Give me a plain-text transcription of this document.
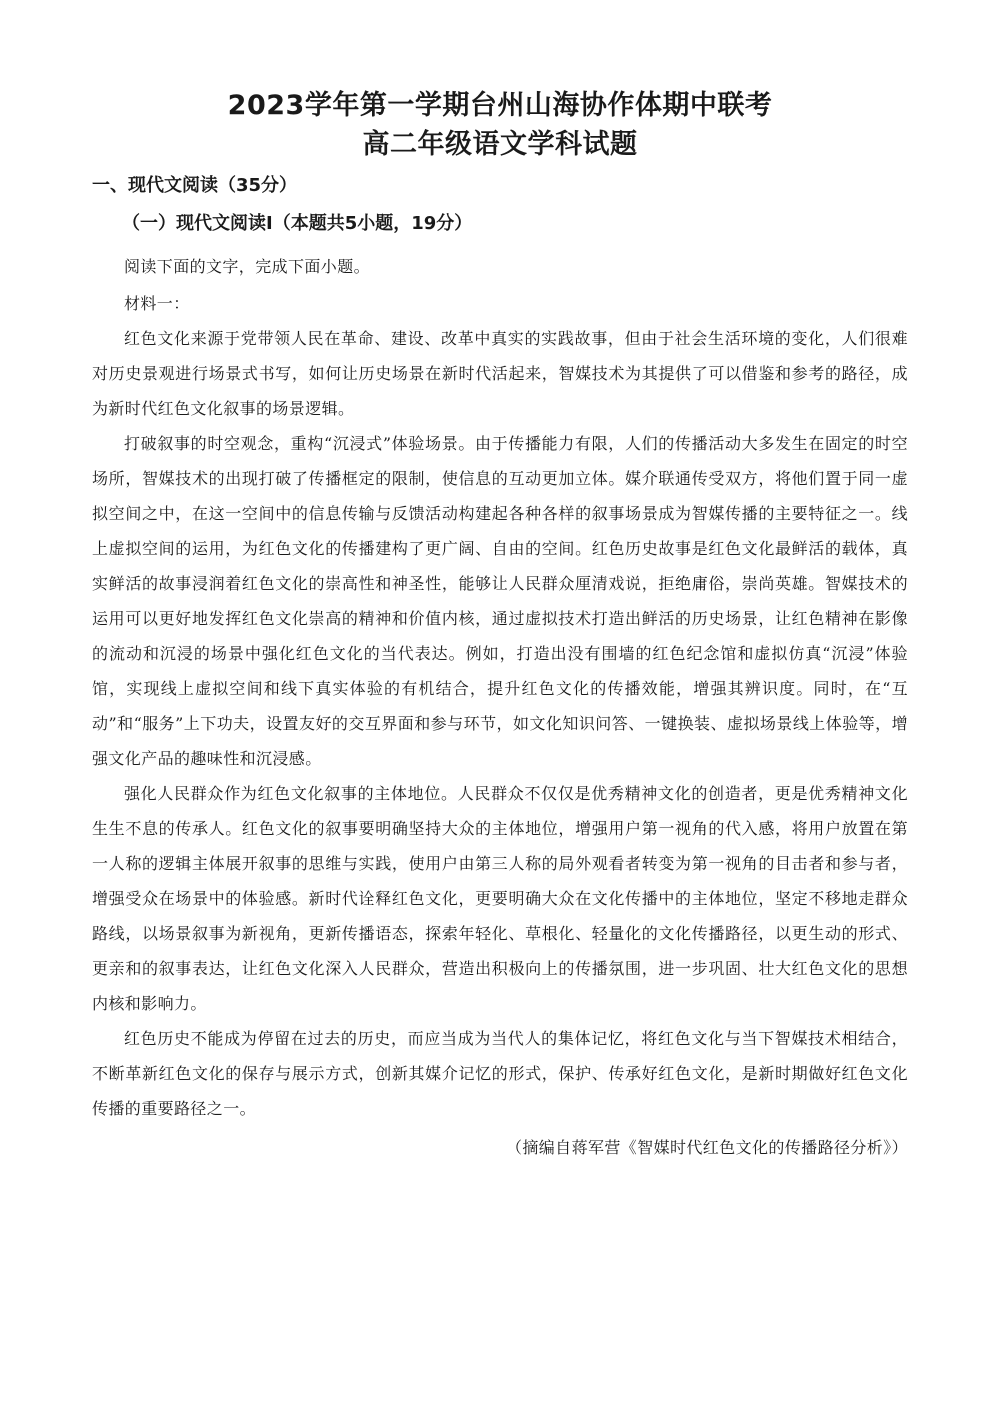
2023学年第一学期台州山海协作体期中联考
高二年级语文学科试题
一、现代文阅读（35分）
（一）现代文阅读Ⅰ（本题共5小题，19分）

阅读下面的文字，完成下面小题。

材料一：

红色文化来源于党带领人民在革命、建设、改革中真实的实践故事，但由于社会生活环境的变化，人们很难对历史景观进行场景式书写，如何让历史场景在新时代活起来，智媒技术为其提供了可以借鉴和参考的路径，成为新时代红色文化叙事的场景逻辑。

打破叙事的时空观念，重构“沉浸式”体验场景。由于传播能力有限，人们的传播活动大多发生在固定的时空场所，智媒技术的出现打破了传播框定的限制，使信息的互动更加立体。媒介联通传受双方，将他们置于同一虚拟空间之中，在这一空间中的信息传输与反馈活动构建起各种各样的叙事场景成为智媒传播的主要特征之一。线上虚拟空间的运用，为红色文化的传播建构了更广阔、自由的空间。红色历史故事是红色文化最鲜活的载体，真实鲜活的故事浸润着红色文化的崇高性和神圣性，能够让人民群众厘清戏说，拒绝庸俗，崇尚英雄。智媒技术的运用可以更好地发挥红色文化崇高的精神和价值内核，通过虚拟技术打造出鲜活的历史场景，让红色精神在影像的流动和沉浸的场景中强化红色文化的当代表达。例如，打造出没有围墙的红色纪念馆和虚拟仿真“沉浸”体验馆，实现线上虚拟空间和线下真实体验的有机结合，提升红色文化的传播效能，增强其辨识度。同时，在“互动”和“服务”上下功夫，设置友好的交互界面和参与环节，如文化知识问答、一键换装、虚拟场景线上体验等，增强文化产品的趣味性和沉浸感。

强化人民群众作为红色文化叙事的主体地位。人民群众不仅仅是优秀精神文化的创造者，更是优秀精神文化生生不息的传承人。红色文化的叙事要明确坚持大众的主体地位，增强用户第一视角的代入感，将用户放置在第一人称的逻辑主体展开叙事的思维与实践，使用户由第三人称的局外观看者转变为第一视角的目击者和参与者，增强受众在场景中的体验感。新时代诠释红色文化，更要明确大众在文化传播中的主体地位，坚定不移地走群众路线，以场景叙事为新视角，更新传播语态，探索年轻化、草根化、轻量化的文化传播路径，以更生动的形式、更亲和的叙事表达，让红色文化深入人民群众，营造出积极向上的传播氛围，进一步巩固、壮大红色文化的思想内核和影响力。

红色历史不能成为停留在过去的历史，而应当成为当代人的集体记忆，将红色文化与当下智媒技术相结合，不断革新红色文化的保存与展示方式，创新其媒介记忆的形式，保护、传承好红色文化，是新时期做好红色文化传播的重要路径之一。

（摘编自蒋军营《智媒时代红色文化的传播路径分析》）
